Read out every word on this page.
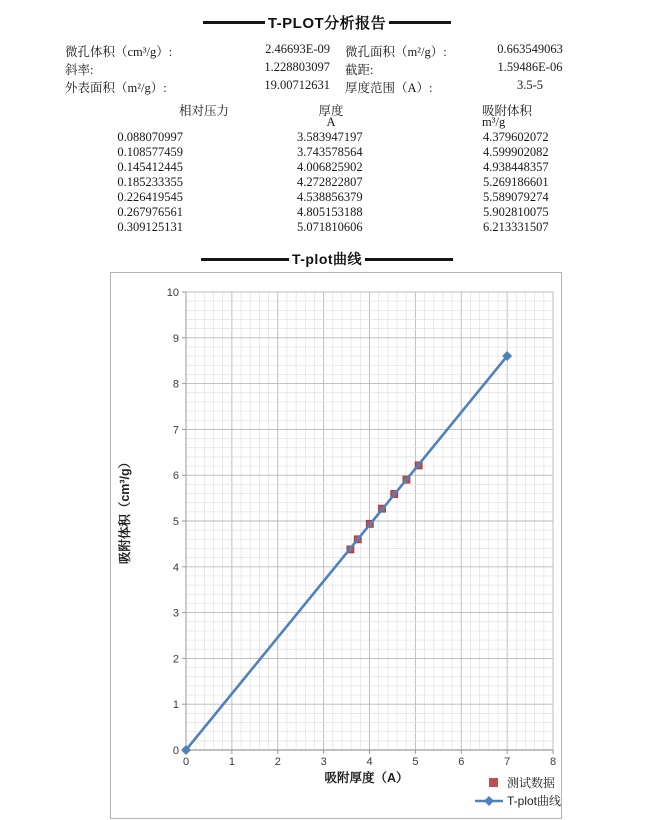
T-PLOT分析报告
微孔体积（cm³/g）:	2.46693E-09 微孔面积（m²/g）:	0.663549063
斜率:	1.228803097 截距:	1.59486E-06
外表面积（m²/g）:	19.00712631 厚度范围（A）:	3.5-5
相对压力	厚度	吸附体积
A	m³/g
0.088070997	3.583947197	4.379602072
0.108577459	3.743578564	4.599902082
0.145412445	4.006825902	4.938448357
0.185233355	4.272822807	5.269186601
0.226419545	4.538856379	5.589079274
0.267976561	4.805153188	5.902810075
0.309125131	5.071810606	6.213331507
T-plot曲线
0	1	2	3	4	5	6	7	8
0
1
2
3
4
5
6
7
8
9
10
吸附厚度（A）
吸附体积（cm³/g）
测试数据
T-plot曲线
